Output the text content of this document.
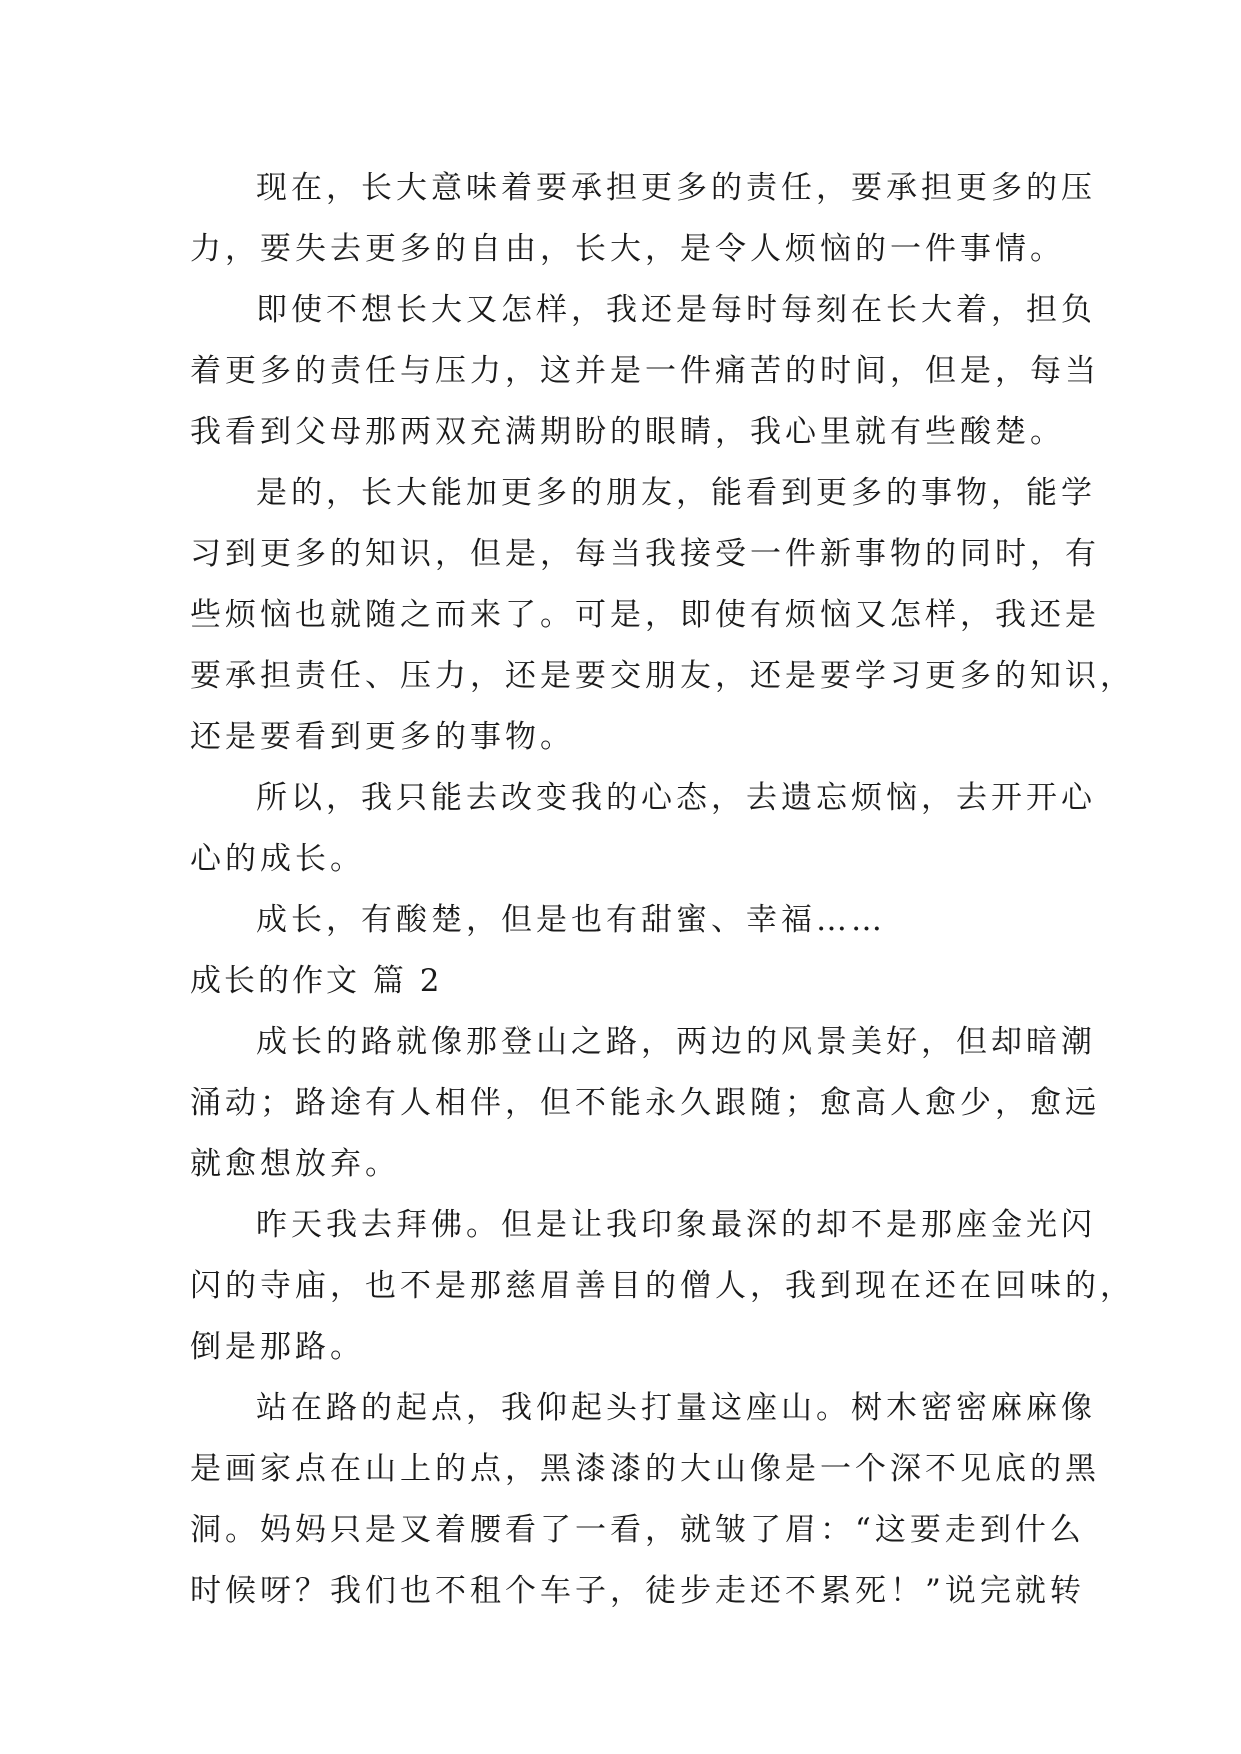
现在，长大意味着要承担更多的责任，要承担更多的压
力，要失去更多的自由，长大，是令人烦恼的一件事情。
即使不想长大又怎样，我还是每时每刻在长大着，担负
着更多的责任与压力，这并是一件痛苦的时间，但是，每当
我看到父母那两双充满期盼的眼睛，我心里就有些酸楚。
是的，长大能加更多的朋友，能看到更多的事物，能学
习到更多的知识，但是，每当我接受一件新事物的同时，有
些烦恼也就随之而来了。可是，即使有烦恼又怎样，我还是
要承担责任、压力，还是要交朋友，还是要学习更多的知识，
还是要看到更多的事物。
所以，我只能去改变我的心态，去遗忘烦恼，去开开心
心的成长。
成长，有酸楚，但是也有甜蜜、幸福……
成长的作文 篇 2
成长的路就像那登山之路，两边的风景美好，但却暗潮
涌动；路途有人相伴，但不能永久跟随；愈高人愈少，愈远
就愈想放弃。
昨天我去拜佛。但是让我印象最深的却不是那座金光闪
闪的寺庙，也不是那慈眉善目的僧人，我到现在还在回味的，
倒是那路。
站在路的起点，我仰起头打量这座山。树木密密麻麻像
是画家点在山上的点，黑漆漆的大山像是一个深不见底的黑
洞。妈妈只是叉着腰看了一看，就皱了眉：“这要走到什么
时候呀？我们也不租个车子，徒步走还不累死！”说完就转
